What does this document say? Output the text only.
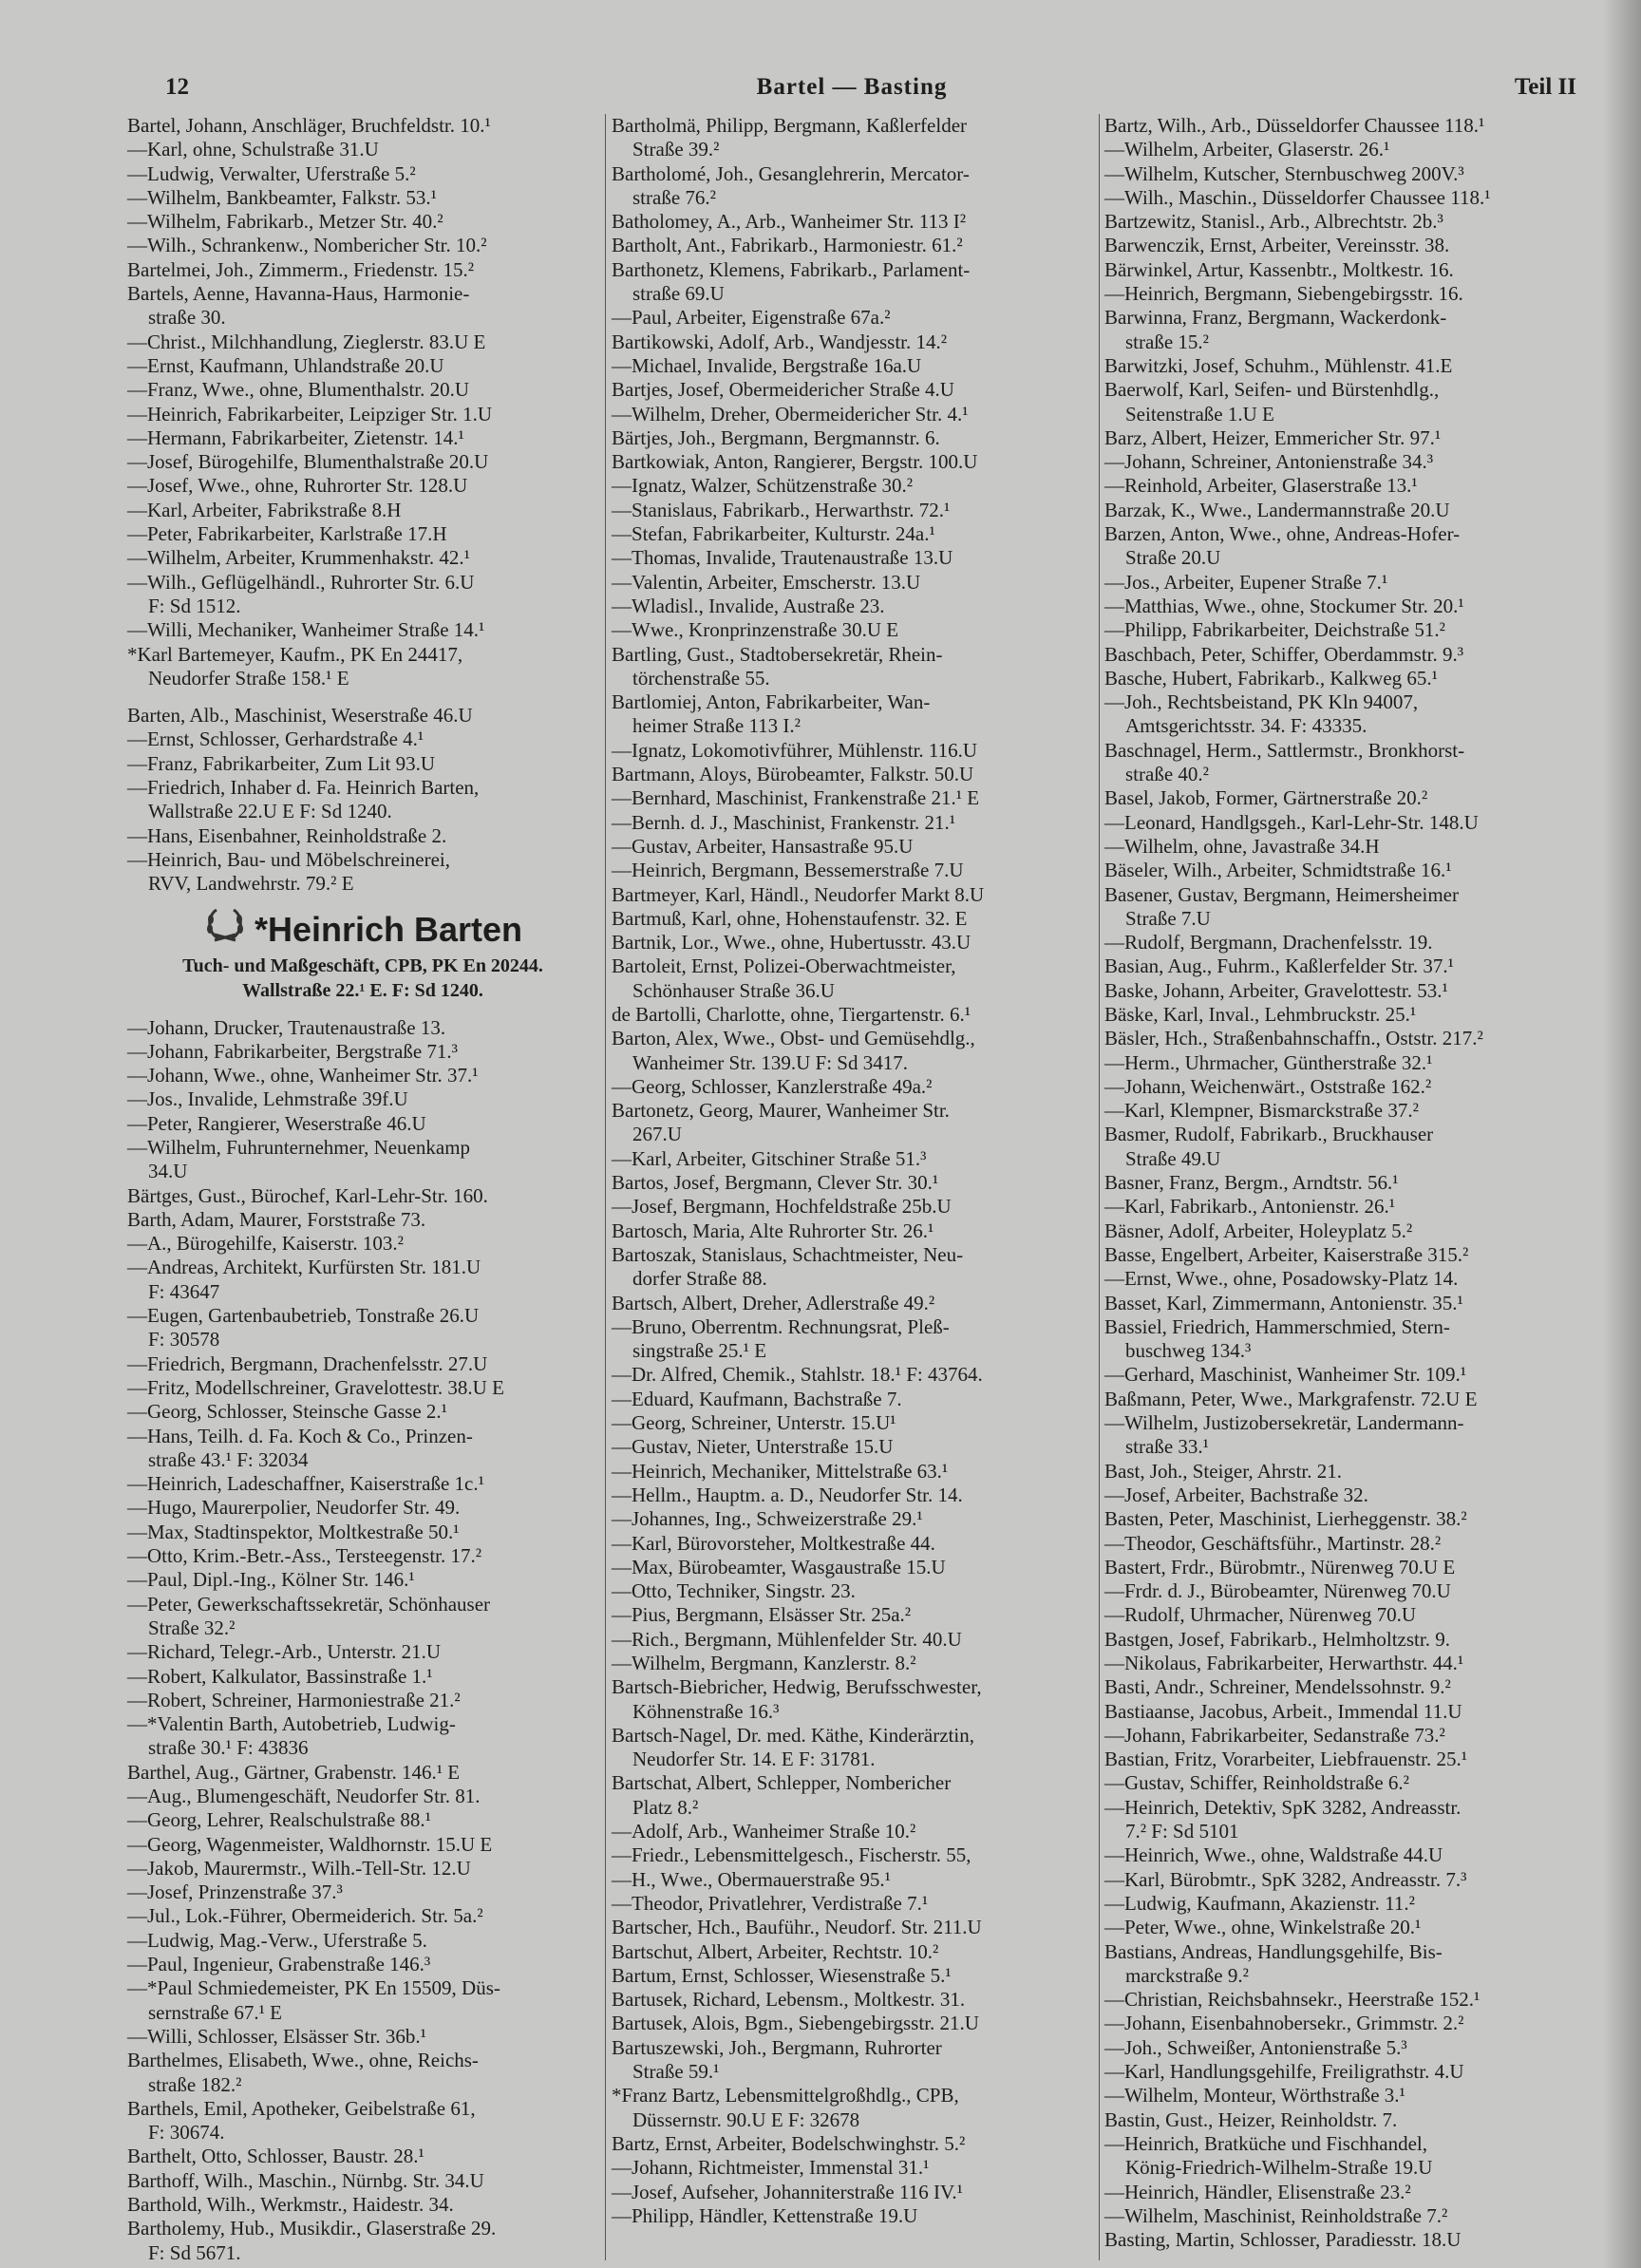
12	Bartel — Basting	Teil II
Bartel, Johann, Anschläger, Bruchfeldstr. 10.¹
—Karl, ohne, Schulstraße 31.U
—Ludwig, Verwalter, Uferstraße 5.²
—Wilhelm, Bankbeamter, Falkstr. 53.¹
—Wilhelm, Fabrikarb., Metzer Str. 40.²
—Wilh., Schrankenw., Nombericher Str. 10.²
Bartelmei, Joh., Zimmerm., Friedenstr. 15.²
Bartels, Aenne, Havanna-Haus, Harmonie-
straße 30.
—Christ., Milchhandlung, Zieglerstr. 83.U E
—Ernst, Kaufmann, Uhlandstraße 20.U
—Franz, Wwe., ohne, Blumenthalstr. 20.U
—Heinrich, Fabrikarbeiter, Leipziger Str. 1.U
—Hermann, Fabrikarbeiter, Zietenstr. 14.¹
—Josef, Bürogehilfe, Blumenthalstraße 20.U
—Josef, Wwe., ohne, Ruhrorter Str. 128.U
—Karl, Arbeiter, Fabrikstraße 8.H
—Peter, Fabrikarbeiter, Karlstraße 17.H
—Wilhelm, Arbeiter, Krummenhakstr. 42.¹
—Wilh., Geflügelhändl., Ruhrorter Str. 6.U
F: Sd 1512.
—Willi, Mechaniker, Wanheimer Straße 14.¹
*Karl Bartemeyer, Kaufm., PK En 24417,
Neudorfer Straße 158.¹ E
Barten, Alb., Maschinist, Weserstraße 46.U
—Ernst, Schlosser, Gerhardstraße 4.¹
—Franz, Fabrikarbeiter, Zum Lit 93.U
—Friedrich, Inhaber d. Fa. Heinrich Barten,
Wallstraße 22.U E F: Sd 1240.
—Hans, Eisenbahner, Reinholdstraße 2.
—Heinrich, Bau- und Möbelschreinerei,
RVV, Landwehrstr. 79.² E
*Heinrich Barten
Tuch- und Maßgeschäft, CPB, PK En 20244.
Wallstraße 22.¹ E. F: Sd 1240.
—Johann, Drucker, Trautenaustraße 13.
—Johann, Fabrikarbeiter, Bergstraße 71.³
—Johann, Wwe., ohne, Wanheimer Str. 37.¹
—Jos., Invalide, Lehmstraße 39f.U
—Peter, Rangierer, Weserstraße 46.U
—Wilhelm, Fuhrunternehmer, Neuenkamp
34.U
Bärtges, Gust., Bürochef, Karl-Lehr-Str. 160.
Barth, Adam, Maurer, Forststraße 73.
—A., Bürogehilfe, Kaiserstr. 103.²
—Andreas, Architekt, Kurfürsten Str. 181.U
F: 43647
—Eugen, Gartenbaubetrieb, Tonstraße 26.U
F: 30578
—Friedrich, Bergmann, Drachenfelsstr. 27.U
—Fritz, Modellschreiner, Gravelottestr. 38.U E
—Georg, Schlosser, Steinsche Gasse 2.¹
—Hans, Teilh. d. Fa. Koch & Co., Prinzen-
straße 43.¹ F: 32034
—Heinrich, Ladeschaffner, Kaiserstraße 1c.¹
—Hugo, Maurerpolier, Neudorfer Str. 49.
—Max, Stadtinspektor, Moltkestraße 50.¹
—Otto, Krim.-Betr.-Ass., Tersteegenstr. 17.²
—Paul, Dipl.-Ing., Kölner Str. 146.¹
—Peter, Gewerkschaftssekretär, Schönhauser
Straße 32.²
—Richard, Telegr.-Arb., Unterstr. 21.U
—Robert, Kalkulator, Bassinstraße 1.¹
—Robert, Schreiner, Harmoniestraße 21.²
—*Valentin Barth, Autobetrieb, Ludwig-
straße 30.¹ F: 43836
Barthel, Aug., Gärtner, Grabenstr. 146.¹ E
—Aug., Blumengeschäft, Neudorfer Str. 81.
—Georg, Lehrer, Realschulstraße 88.¹
—Georg, Wagenmeister, Waldhornstr. 15.U E
—Jakob, Maurermstr., Wilh.-Tell-Str. 12.U
—Josef, Prinzenstraße 37.³
—Jul., Lok.-Führer, Obermeiderich. Str. 5a.²
—Ludwig, Mag.-Verw., Uferstraße 5.
—Paul, Ingenieur, Grabenstraße 146.³
—*Paul Schmiedemeister, PK En 15509, Düs-
sernstraße 67.¹ E
—Willi, Schlosser, Elsässer Str. 36b.¹
Barthelmes, Elisabeth, Wwe., ohne, Reichs-
straße 182.²
Barthels, Emil, Apotheker, Geibelstraße 61,
F: 30674.
Barthelt, Otto, Schlosser, Baustr. 28.¹
Barthoff, Wilh., Maschin., Nürnbg. Str. 34.U
Barthold, Wilh., Werkmstr., Haidestr. 34.
Bartholemy, Hub., Musikdir., Glaserstraße 29.
F: Sd 5671.
Bartholmä, Philipp, Bergmann, Kaßlerfelder
Straße 39.²
Bartholomé, Joh., Gesanglehrerin, Mercator-
straße 76.²
Batholomey, A., Arb., Wanheimer Str. 113 I²
Bartholt, Ant., Fabrikarb., Harmoniestr. 61.²
Barthonetz, Klemens, Fabrikarb., Parlament-
straße 69.U
—Paul, Arbeiter, Eigenstraße 67a.²
Bartikowski, Adolf, Arb., Wandjesstr. 14.²
—Michael, Invalide, Bergstraße 16a.U
Bartjes, Josef, Obermeidericher Straße 4.U
—Wilhelm, Dreher, Obermeidericher Str. 4.¹
Bärtjes, Joh., Bergmann, Bergmannstr. 6.
Bartkowiak, Anton, Rangierer, Bergstr. 100.U
—Ignatz, Walzer, Schützenstraße 30.²
—Stanislaus, Fabrikarb., Herwarthstr. 72.¹
—Stefan, Fabrikarbeiter, Kulturstr. 24a.¹
—Thomas, Invalide, Trautenaustraße 13.U
—Valentin, Arbeiter, Emscherstr. 13.U
—Wladisl., Invalide, Austraße 23.
—Wwe., Kronprinzenstraße 30.U E
Bartling, Gust., Stadtobersekretär, Rhein-
törchenstraße 55.
Bartlomiej, Anton, Fabrikarbeiter, Wan-
heimer Straße 113 I.²
—Ignatz, Lokomotivführer, Mühlenstr. 116.U
Bartmann, Aloys, Bürobeamter, Falkstr. 50.U
—Bernhard, Maschinist, Frankenstraße 21.¹ E
—Bernh. d. J., Maschinist, Frankenstr. 21.¹
—Gustav, Arbeiter, Hansastraße 95.U
—Heinrich, Bergmann, Bessemerstraße 7.U
Bartmeyer, Karl, Händl., Neudorfer Markt 8.U
Bartmuß, Karl, ohne, Hohenstaufenstr. 32. E
Bartnik, Lor., Wwe., ohne, Hubertusstr. 43.U
Bartoleit, Ernst, Polizei-Oberwachtmeister,
Schönhauser Straße 36.U
de Bartolli, Charlotte, ohne, Tiergartenstr. 6.¹
Barton, Alex, Wwe., Obst- und Gemüsehdlg.,
Wanheimer Str. 139.U F: Sd 3417.
—Georg, Schlosser, Kanzlerstraße 49a.²
Bartonetz, Georg, Maurer, Wanheimer Str.
267.U
—Karl, Arbeiter, Gitschiner Straße 51.³
Bartos, Josef, Bergmann, Clever Str. 30.¹
—Josef, Bergmann, Hochfeldstraße 25b.U
Bartosch, Maria, Alte Ruhrorter Str. 26.¹
Bartoszak, Stanislaus, Schachtmeister, Neu-
dorfer Straße 88.
Bartsch, Albert, Dreher, Adlerstraße 49.²
—Bruno, Oberrentm. Rechnungsrat, Pleß-
singstraße 25.¹ E
—Dr. Alfred, Chemik., Stahlstr. 18.¹ F: 43764.
—Eduard, Kaufmann, Bachstraße 7.
—Georg, Schreiner, Unterstr. 15.U¹
—Gustav, Nieter, Unterstraße 15.U
—Heinrich, Mechaniker, Mittelstraße 63.¹
—Hellm., Hauptm. a. D., Neudorfer Str. 14.
—Johannes, Ing., Schweizerstraße 29.¹
—Karl, Bürovorsteher, Moltkestraße 44.
—Max, Bürobeamter, Wasgaustraße 15.U
—Otto, Techniker, Singstr. 23.
—Pius, Bergmann, Elsässer Str. 25a.²
—Rich., Bergmann, Mühlenfelder Str. 40.U
—Wilhelm, Bergmann, Kanzlerstr. 8.²
Bartsch-Biebricher, Hedwig, Berufsschwester,
Köhnenstraße 16.³
Bartsch-Nagel, Dr. med. Käthe, Kinderärztin,
Neudorfer Str. 14. E F: 31781.
Bartschat, Albert, Schlepper, Nombericher
Platz 8.²
—Adolf, Arb., Wanheimer Straße 10.²
—Friedr., Lebensmittelgesch., Fischerstr. 55,
—H., Wwe., Obermauerstraße 95.¹
—Theodor, Privatlehrer, Verdistraße 7.¹
Bartscher, Hch., Bauführ., Neudorf. Str. 211.U
Bartschut, Albert, Arbeiter, Rechtstr. 10.²
Bartum, Ernst, Schlosser, Wiesenstraße 5.¹
Bartusek, Richard, Lebensm., Moltkestr. 31.
Bartusek, Alois, Bgm., Siebengebirgsstr. 21.U
Bartuszewski, Joh., Bergmann, Ruhrorter
Straße 59.¹
*Franz Bartz, Lebensmittelgroßhdlg., CPB,
Düssernstr. 90.U E F: 32678
Bartz, Ernst, Arbeiter, Bodelschwinghstr. 5.²
—Johann, Richtmeister, Immenstal 31.¹
—Josef, Aufseher, Johanniterstraße 116 IV.¹
—Philipp, Händler, Kettenstraße 19.U
Bartz, Wilh., Arb., Düsseldorfer Chaussee 118.¹
—Wilhelm, Arbeiter, Glaserstr. 26.¹
—Wilhelm, Kutscher, Sternbuschweg 200V.³
—Wilh., Maschin., Düsseldorfer Chaussee 118.¹
Bartzewitz, Stanisl., Arb., Albrechtstr. 2b.³
Barwenczik, Ernst, Arbeiter, Vereinsstr. 38.
Bärwinkel, Artur, Kassenbtr., Moltkestr. 16.
—Heinrich, Bergmann, Siebengebirgsstr. 16.
Barwinna, Franz, Bergmann, Wackerdonk-
straße 15.²
Barwitzki, Josef, Schuhm., Mühlenstr. 41.E
Baerwolf, Karl, Seifen- und Bürstenhdlg.,
Seitenstraße 1.U E
Barz, Albert, Heizer, Emmericher Str. 97.¹
—Johann, Schreiner, Antonienstraße 34.³
—Reinhold, Arbeiter, Glaserstraße 13.¹
Barzak, K., Wwe., Landermannstraße 20.U
Barzen, Anton, Wwe., ohne, Andreas-Hofer-
Straße 20.U
—Jos., Arbeiter, Eupener Straße 7.¹
—Matthias, Wwe., ohne, Stockumer Str. 20.¹
—Philipp, Fabrikarbeiter, Deichstraße 51.²
Baschbach, Peter, Schiffer, Oberdammstr. 9.³
Basche, Hubert, Fabrikarb., Kalkweg 65.¹
—Joh., Rechtsbeistand, PK Kln 94007,
Amtsgerichtsstr. 34. F: 43335.
Baschnagel, Herm., Sattlermstr., Bronkhorst-
straße 40.²
Basel, Jakob, Former, Gärtnerstraße 20.²
—Leonard, Handlgsgeh., Karl-Lehr-Str. 148.U
—Wilhelm, ohne, Javastraße 34.H
Bäseler, Wilh., Arbeiter, Schmidtstraße 16.¹
Basener, Gustav, Bergmann, Heimersheimer
Straße 7.U
—Rudolf, Bergmann, Drachenfelsstr. 19.
Basian, Aug., Fuhrm., Kaßlerfelder Str. 37.¹
Baske, Johann, Arbeiter, Gravelottestr. 53.¹
Bäske, Karl, Inval., Lehmbruckstr. 25.¹
Bäsler, Hch., Straßenbahnschaffn., Oststr. 217.²
—Herm., Uhrmacher, Güntherstraße 32.¹
—Johann, Weichenwärt., Oststraße 162.²
—Karl, Klempner, Bismarckstraße 37.²
Basmer, Rudolf, Fabrikarb., Bruckhauser
Straße 49.U
Basner, Franz, Bergm., Arndtstr. 56.¹
—Karl, Fabrikarb., Antonienstr. 26.¹
Bäsner, Adolf, Arbeiter, Holeyplatz 5.²
Basse, Engelbert, Arbeiter, Kaiserstraße 315.²
—Ernst, Wwe., ohne, Posadowsky-Platz 14.
Basset, Karl, Zimmermann, Antonienstr. 35.¹
Bassiel, Friedrich, Hammerschmied, Stern-
buschweg 134.³
—Gerhard, Maschinist, Wanheimer Str. 109.¹
Baßmann, Peter, Wwe., Markgrafenstr. 72.U E
—Wilhelm, Justizobersekretär, Landermann-
straße 33.¹
Bast, Joh., Steiger, Ahrstr. 21.
—Josef, Arbeiter, Bachstraße 32.
Basten, Peter, Maschinist, Lierheggenstr. 38.²
—Theodor, Geschäftsführ., Martinstr. 28.²
Bastert, Frdr., Bürobmtr., Nürenweg 70.U E
—Frdr. d. J., Bürobeamter, Nürenweg 70.U
—Rudolf, Uhrmacher, Nürenweg 70.U
Bastgen, Josef, Fabrikarb., Helmholtzstr. 9.
—Nikolaus, Fabrikarbeiter, Herwarthstr. 44.¹
Basti, Andr., Schreiner, Mendelssohnstr. 9.²
Bastiaanse, Jacobus, Arbeit., Immendal 11.U
—Johann, Fabrikarbeiter, Sedanstraße 73.²
Bastian, Fritz, Vorarbeiter, Liebfrauenstr. 25.¹
—Gustav, Schiffer, Reinholdstraße 6.²
—Heinrich, Detektiv, SpK 3282, Andreasstr.
7.² F: Sd 5101
—Heinrich, Wwe., ohne, Waldstraße 44.U
—Karl, Bürobmtr., SpK 3282, Andreasstr. 7.³
—Ludwig, Kaufmann, Akazienstr. 11.²
—Peter, Wwe., ohne, Winkelstraße 20.¹
Bastians, Andreas, Handlungsgehilfe, Bis-
marckstraße 9.²
—Christian, Reichsbahnsekr., Heerstraße 152.¹
—Johann, Eisenbahnobersekr., Grimmstr. 2.²
—Joh., Schweißer, Antonienstraße 5.³
—Karl, Handlungsgehilfe, Freiligrathstr. 4.U
—Wilhelm, Monteur, Wörthstraße 3.¹
Bastin, Gust., Heizer, Reinholdstr. 7.
—Heinrich, Bratküche und Fischhandel,
König-Friedrich-Wilhelm-Straße 19.U
—Heinrich, Händler, Elisenstraße 23.²
—Wilhelm, Maschinist, Reinholdstraße 7.²
Basting, Martin, Schlosser, Paradiesstr. 18.U
